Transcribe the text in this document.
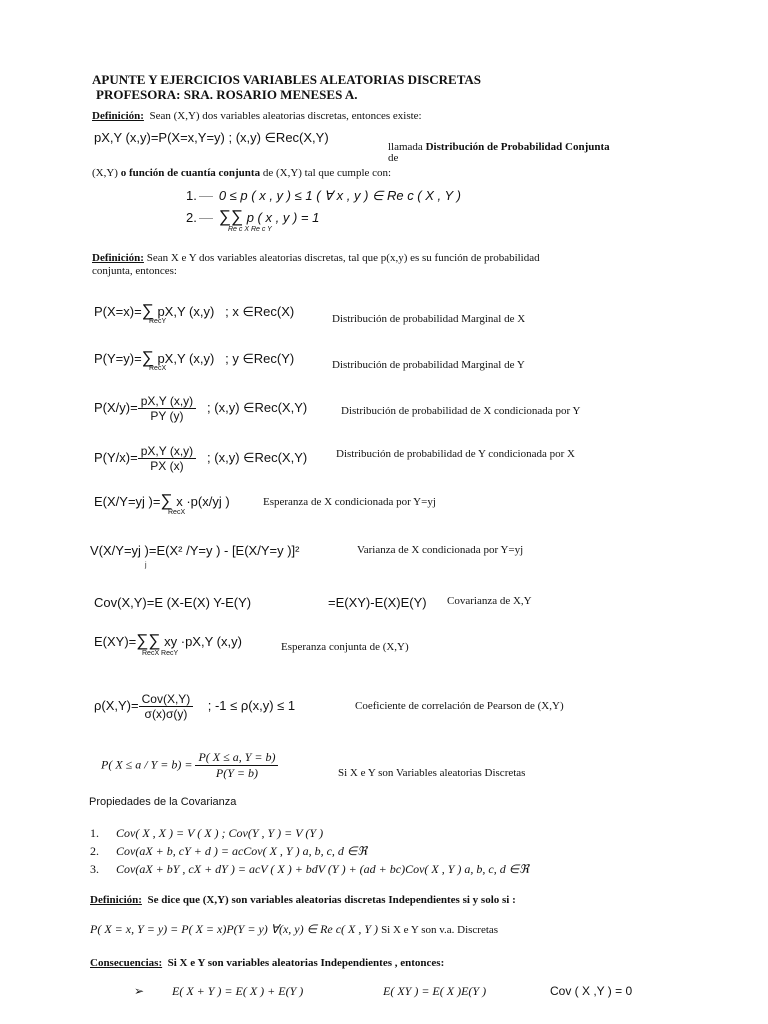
APUNTE Y EJERCICIOS VARIABLES ALEATORIAS DISCRETAS
PROFESORA: SRA. ROSARIO MENESES A.
Definición: Sean (X,Y) dos variables aleatorias discretas, entonces existe:
pX,Y (x,y)=P(X=x,Y=y) ; (x,y) ∈Rec(X,Y)
llamada Distribución de Probabilidad Conjunta
de
(X,Y) o función de cuantía conjunta de (X,Y) tal que cumple con:
1. 0 ≤ p ( x , y ) ≤ 1 ( ∀ x , y ) ∈ Re c ( X , Y )
2. ∑∑ p ( x , y ) = 1
Re c X Re c Y
Definición: Sean X e Y dos variables aleatorias discretas, tal que p(x,y) es su función de probabilidad
conjunta, entonces:
P(X=x)=∑ pX,Y (x,y) ; x ∈Rec(X)
RecY	Distribución de probabilidad Marginal de X
P(Y=y)=∑ pX,Y (x,y) ; y ∈Rec(Y)
RecX	Distribución de probabilidad Marginal de Y
$P(X/y)= \frac{pX,Y (x,y)}{PY (y)}$ ; (x,y) ∈Rec(X,Y)	Distribución de probabilidad de X condicionada por Y
$P(Y/x)= \frac{pX,Y (x,y)}{PX (x)}$ ; (x,y) ∈Rec(X,Y)	Distribución de probabilidad de Y condicionada por X
E(X/Y=yj )=∑ x ·p(x/yj )
RecX
Esperanza de X condicionada por Y=yj
V(X/Y=yj )=E(X² /Y=y ) - [E(X/Y=y )]²
j
Varianza de X condicionada por Y=yj
Cov(X,Y)=E (X-E(X) Y-E(Y)	=E(XY)-E(X)E(Y) Covarianza de X,Y
E(XY)=∑∑ xy ·pX,Y (x,y)
RecX RecY
Esperanza conjunta de (X,Y)
$\rho(X,Y)= \frac{\text{Cov(X,Y)}}{\sigma(x)\sigma(y)}$ ; -1 ≤ ρ(x,y) ≤ 1	Coeficiente de correlación de Pearson de (X,Y)
P( $X \le a / Y = b) = \frac{P( X \le a, Y = b)}{P(Y = b)}$	Si X e Y son Variables aleatorias Discretas
Propiedades de la Covarianza
1. Cov( X , X ) = V ( X ) ; Cov(Y , Y ) = V (Y )
2. Cov(aX + b, cY + d ) = acCov( X , Y ) a, b, c, d ∈ℜ
3. Cov(aX + bY , cX + dY ) = acV ( X ) + bdV (Y ) + (ad + bc)Cov( X , Y ) a, b, c, d ∈ℜ
Definición: Se dice que (X,Y) son variables aleatorias discretas Independientes si y solo si :
P( X = x, Y = y) = P( X = x)P(Y = y) ∀(x, y) ∈ Re c( X , Y ) Si X e Y son v.a. Discretas
Consecuencias: Si X e Y son variables aleatorias Independientes , entonces:
➢ E( X + Y ) = E( X ) + E(Y )	E( XY ) = E( X )E(Y )	Cov ( X ,Y ) = 0
